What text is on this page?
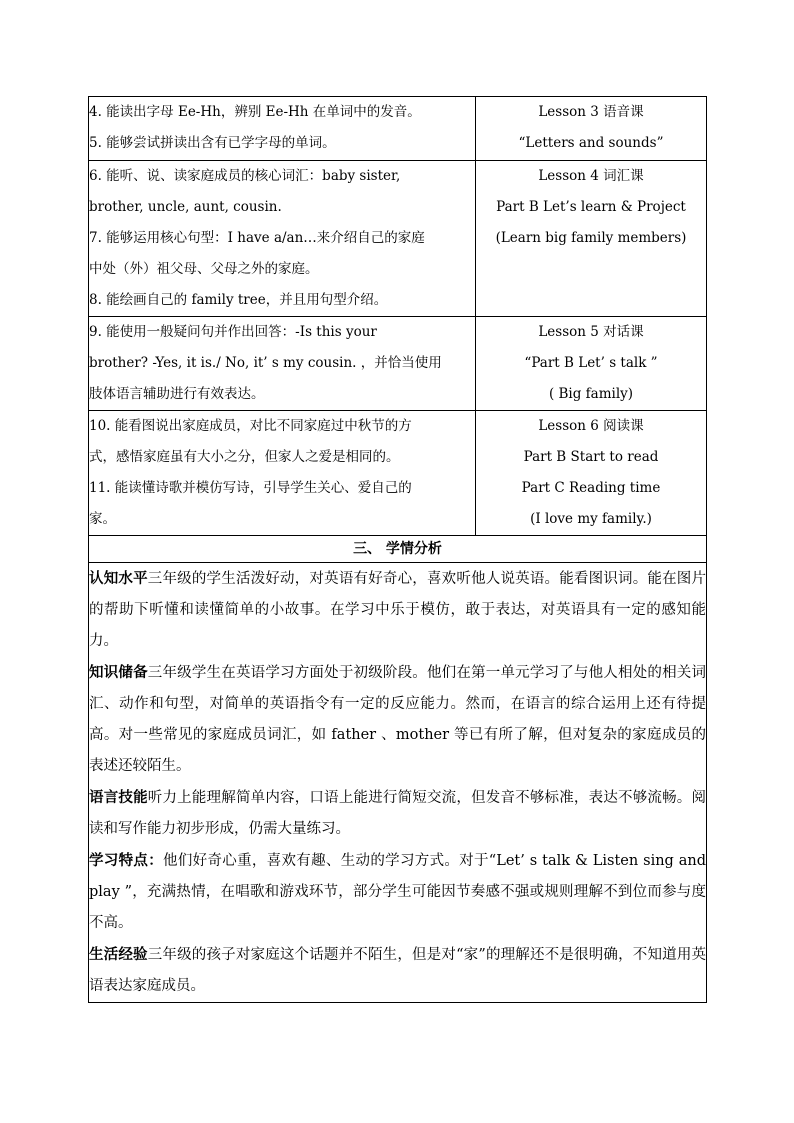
4. 能读出字母 Ee-Hh，辨别 Ee-Hh 在单词中的发音。
5. 能够尝试拼读出含有已学字母的单词。	Lesson 3 语音课
“Letters and sounds”

6. 能听、说、读家庭成员的核心词汇：baby sister,
brother, uncle, aunt, cousin.
7. 能够运用核心句型：I have a/an…来介绍自己的家庭
中处（外）祖父母、父母之外的家庭。
8. 能绘画自己的 family tree，并且用句型介绍。	Lesson 4 词汇课
Part B Let’s learn & Project
(Learn big family members)

9. 能使用一般疑问句并作出回答：-Is this your
brother? -Yes, it is./ No, it’ s my cousin. ，并恰当使用
肢体语言辅助进行有效表达。	Lesson 5 对话课
“Part B Let’ s talk ”
( Big family)

10. 能看图说出家庭成员，对比不同家庭过中秋节的方
式，感悟家庭虽有大小之分，但家人之爱是相同的。
11. 能读懂诗歌并模仿写诗，引导学生关心、爱自己的
家。	Lesson 6 阅读课
Part B Start to read
Part C Reading time
(I love my family.)

三、 学情分析	

认知水平三年级的学生活泼好动，对英语有好奇心，喜欢听他人说英语。能看图识词。能在图片的帮助下听懂和读懂简单的小故事。在学习中乐于模仿，敢于表达，对英语具有一定的感知能力。
知识储备三年级学生在英语学习方面处于初级阶段。他们在第一单元学习了与他人相处的相关词汇、动作和句型，对简单的英语指令有一定的反应能力。然而，在语言的综合运用上还有待提高。对一些常见的家庭成员词汇，如 father 、mother 等已有所了解，但对复杂的家庭成员的表述还较陌生。
语言技能听力上能理解简单内容，口语上能进行简短交流，但发音不够标准，表达不够流畅。阅读和写作能力初步形成，仍需大量练习。
学习特点：他们好奇心重，喜欢有趣、生动的学习方式。对于“Let’ s talk & Listen sing and play ”，充满热情，在唱歌和游戏环节，部分学生可能因节奏感不强或规则理解不到位而参与度不高。
生活经验三年级的孩子对家庭这个话题并不陌生，但是对“家”的理解还不是很明确，不知道用英语表达家庭成员。	
